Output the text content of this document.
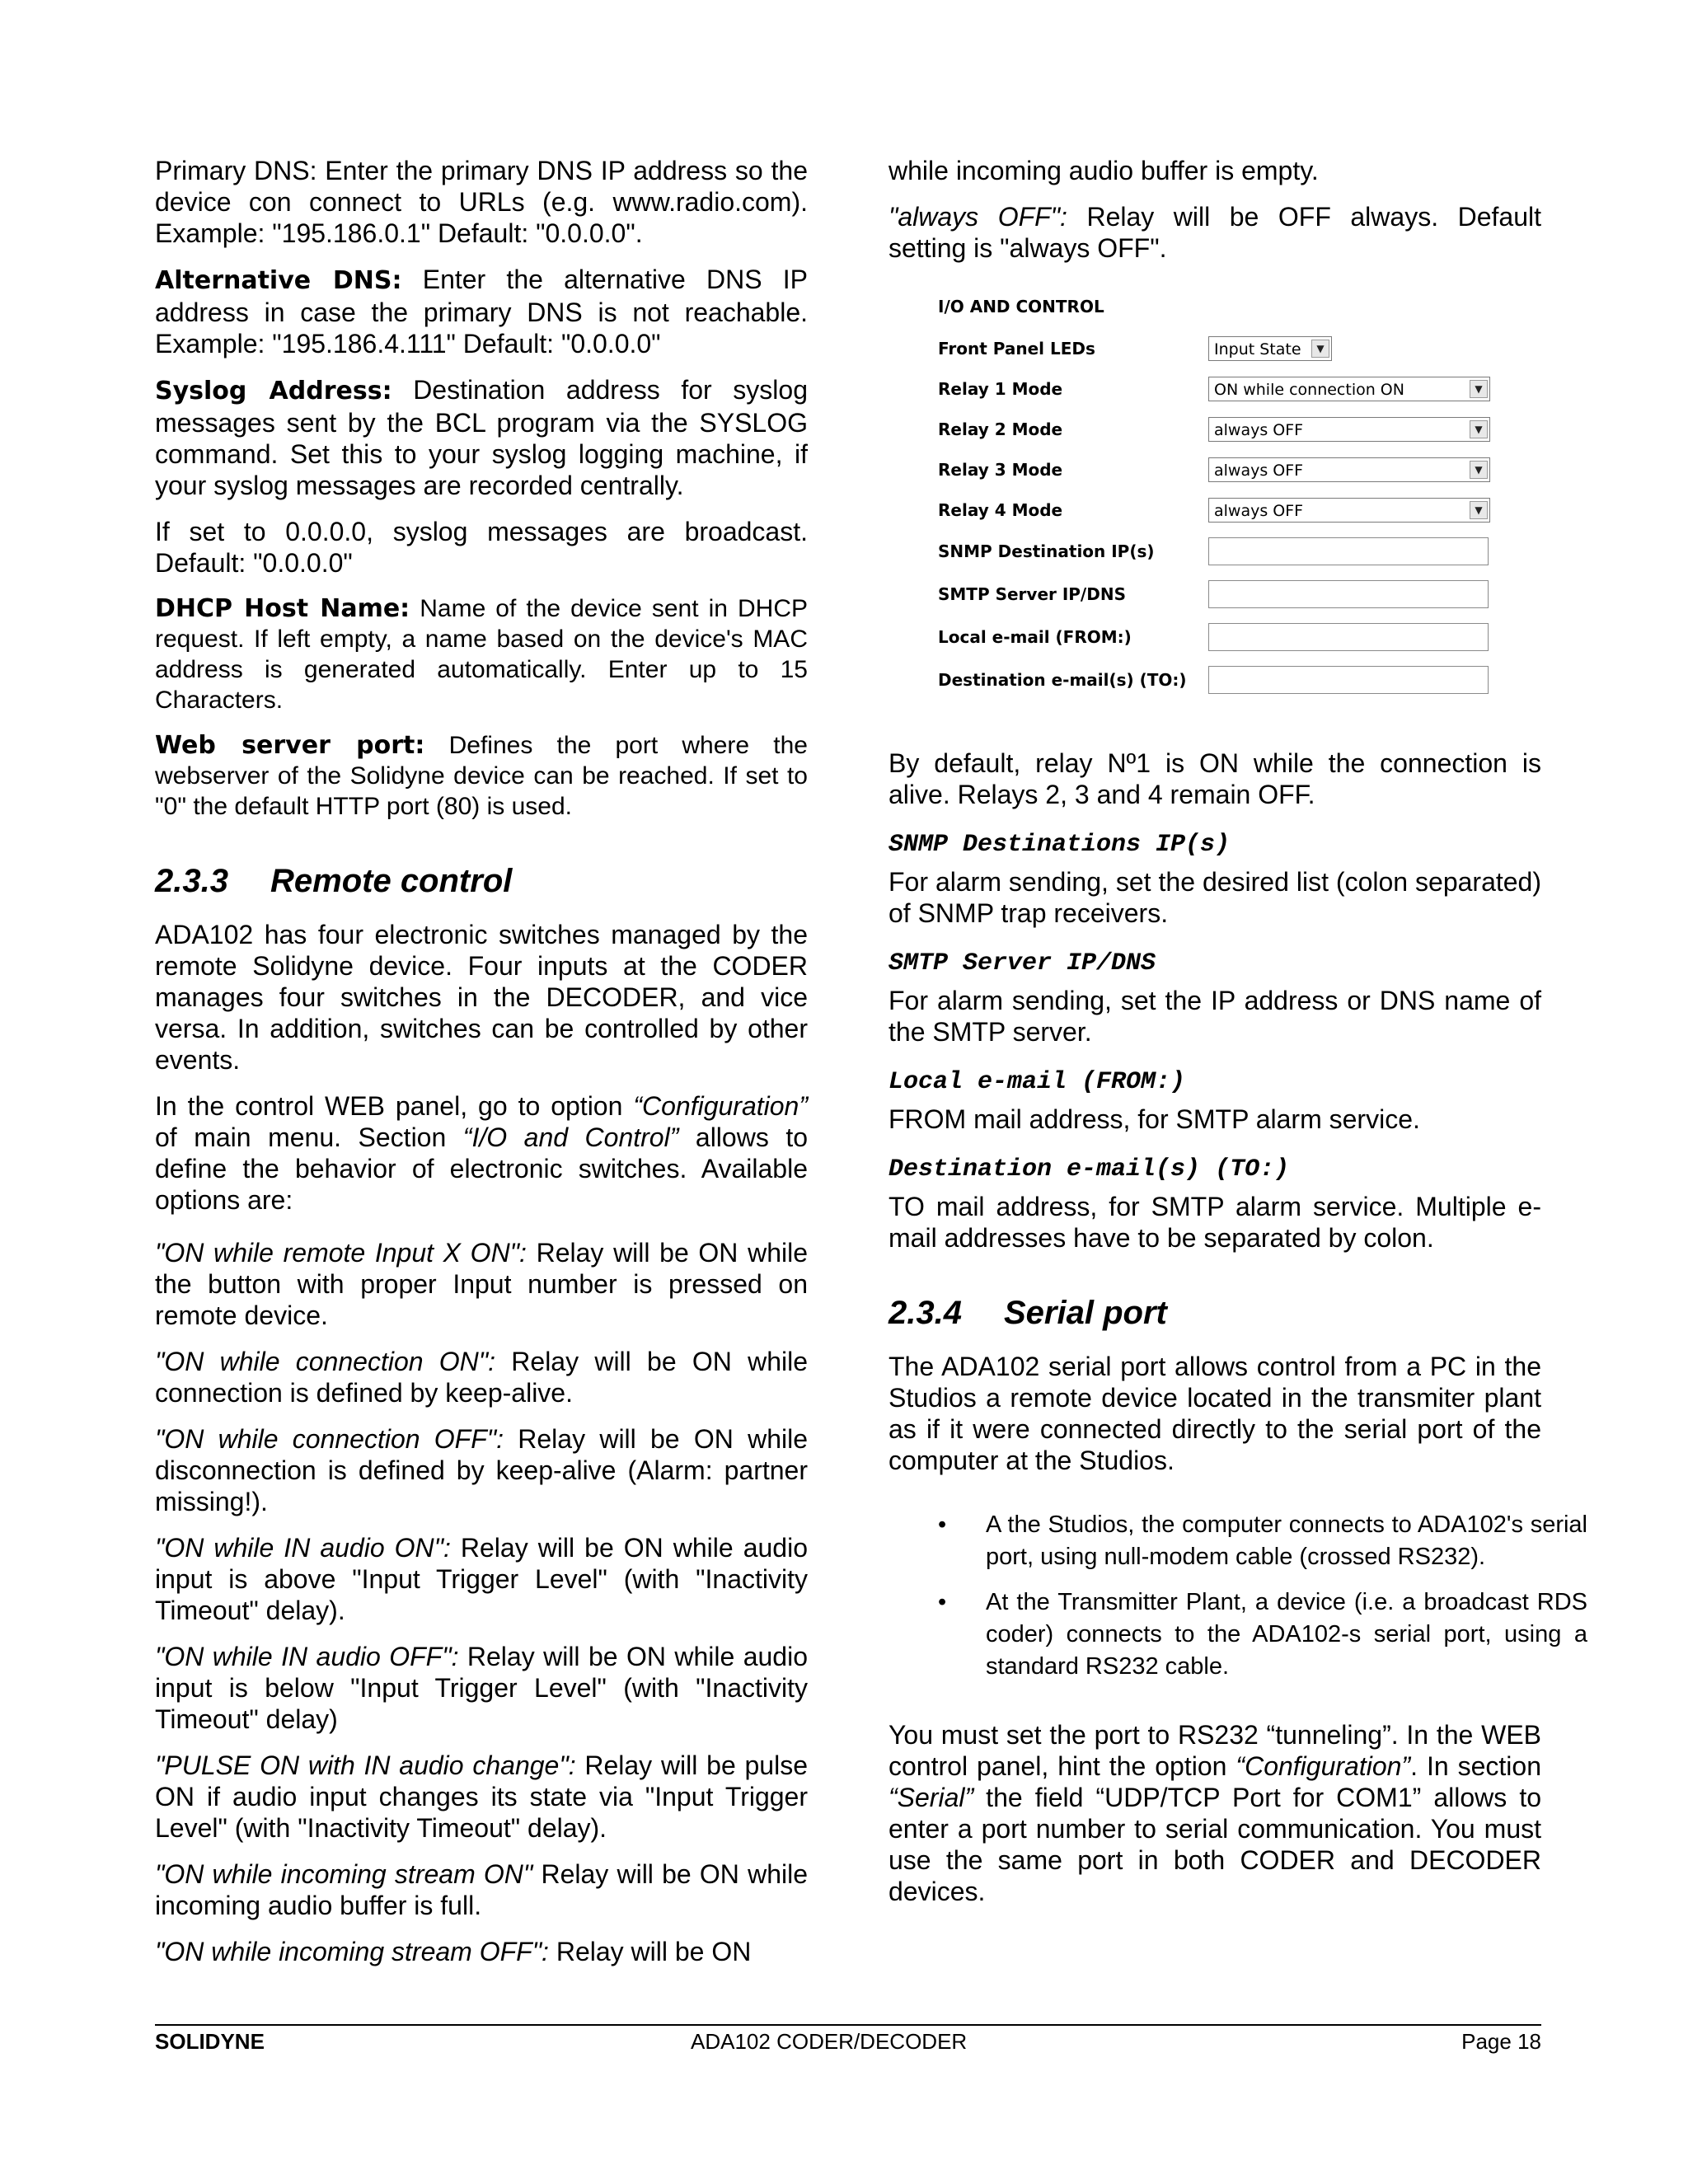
Primary DNS: Enter the primary DNS IP address so the device con connect to URLs (e.g. www.radio.com). Example: "195.186.0.1" Default: "0.0.0.0".

Alternative DNS: Enter the alternative DNS IP address in case the primary DNS is not reachable. Example: "195.186.4.111" Default: "0.0.0.0"

Syslog Address: Destination address for syslog messages sent by the BCL program via the SYSLOG command. Set this to your syslog logging machine, if your syslog messages are recorded centrally.

If set to 0.0.0.0, syslog messages are broadcast. Default: "0.0.0.0"

DHCP Host Name: Name of the device sent in DHCP request. If left empty, a name based on the device's MAC address is generated automatically. Enter up to 15 Characters.

Web server port: Defines the port where the webserver of the Solidyne device can be reached. If set to "0" the default HTTP port (80) is used.

2.3.3 Remote control

ADA102 has four electronic switches managed by the remote Solidyne device. Four inputs at the CODER manages four switches in the DECODER, and vice versa. In addition, switches can be controlled by other events.

In the control WEB panel, go to option “Configuration” of main menu. Section “I/O and Control” allows to define the behavior of electronic switches. Available options are:

"ON while remote Input X ON": Relay will be ON while the button with proper Input number is pressed on remote device.

"ON while connection ON": Relay will be ON while connection is defined by keep-alive.

"ON while connection OFF": Relay will be ON while disconnection is defined by keep-alive (Alarm: partner missing!).

"ON while IN audio ON": Relay will be ON while audio input is above "Input Trigger Level" (with "Inactivity Timeout" delay).

"ON while IN audio OFF": Relay will be ON while audio input is below "Input Trigger Level" (with "Inactivity Timeout" delay)

"PULSE ON with IN audio change": Relay will be pulse ON if audio input changes its state via "Input Trigger Level" (with "Inactivity Timeout" delay).

"ON while incoming stream ON" Relay will be ON while incoming audio buffer is full.

"ON while incoming stream OFF": Relay will be ON

while incoming audio buffer is empty.

"always OFF": Relay will be OFF always. Default setting is "always OFF".

I/O AND CONTROL
Front Panel LEDs	Input State	▼
Relay 1 Mode	ON while connection ON	▼
Relay 2 Mode	always OFF	▼
Relay 3 Mode	always OFF	▼
Relay 4 Mode	always OFF	▼
SNMP Destination IP(s)
SMTP Server IP/DNS
Local e-mail (FROM:)
Destination e-mail(s) (TO:)

By default, relay Nº1 is ON while the connection is alive. Relays 2, 3 and 4 remain OFF.

SNMP Destinations IP(s)

For alarm sending, set the desired list (colon separated) of SNMP trap receivers.

SMTP Server IP/DNS

For alarm sending, set the IP address or DNS name of the SMTP server.

Local e-mail (FROM:)

FROM mail address, for SMTP alarm service.

Destination e-mail(s) (TO:)

TO mail address, for SMTP alarm service. Multiple e-mail addresses have to be separated by colon.

2.3.4 Serial port

The ADA102 serial port allows control from a PC in the Studios a remote device located in the transmiter plant as if it were connected directly to the serial port of the computer at the Studios.

• A the Studios, the computer connects to ADA102's serial port, using null-modem cable (crossed RS232).
• At the Transmitter Plant, a device (i.e. a broadcast RDS coder) connects to the ADA102-s serial port, using a standard RS232 cable.

You must set the port to RS232 “tunneling”. In the WEB control panel, hint the option “Configuration”. In section “Serial” the field “UDP/TCP Port for COM1” allows to enter a port number to serial communication. You must use the same port in both CODER and DECODER devices.

SOLIDYNE	ADA102 CODER/DECODER	Page 18
